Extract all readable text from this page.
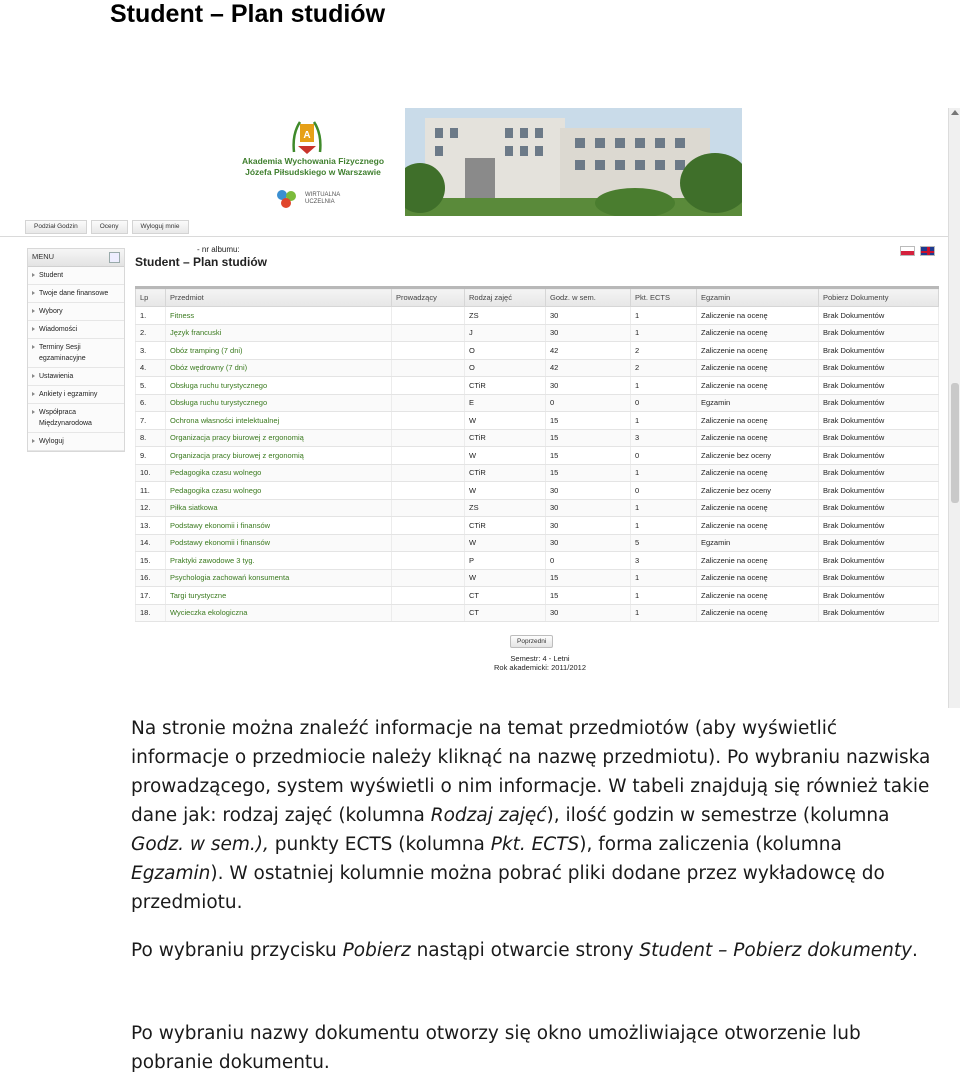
Student – Plan studiów
A
Akademia Wychowania Fizycznego
Józefa Piłsudskiego w Warszawie
WIRTUALNA
UCZELNIA
Podział Godzin	Oceny	Wyloguj mnie
MENU
Student
Twoje dane finansowe
Wybory
Wiadomości
Terminy Sesji egzaminacyjne
Ustawienia
Ankiety i egzaminy
Współpraca Międzynarodowa
Wyloguj
- nr albumu:
Student – Plan studiów
Lp	Przedmiot	Prowadzący	Rodzaj zajęć	Godz. w sem.	Pkt. ECTS	Egzamin	Pobierz Dokumenty
1.	Fitness		ZS	30	1	Zaliczenie na ocenę	Brak Dokumentów
2.	Język francuski		J	30	1	Zaliczenie na ocenę	Brak Dokumentów
3.	Obóz tramping (7 dni)		O	42	2	Zaliczenie na ocenę	Brak Dokumentów
4.	Obóz wędrowny (7 dni)		O	42	2	Zaliczenie na ocenę	Brak Dokumentów
5.	Obsługa ruchu turystycznego		CTiR	30	1	Zaliczenie na ocenę	Brak Dokumentów
6.	Obsługa ruchu turystycznego		E	0	0	Egzamin	Brak Dokumentów
7.	Ochrona własności intelektualnej		W	15	1	Zaliczenie na ocenę	Brak Dokumentów
8.	Organizacja pracy biurowej z ergonomią		CTiR	15	3	Zaliczenie na ocenę	Brak Dokumentów
9.	Organizacja pracy biurowej z ergonomią		W	15	0	Zaliczenie bez oceny	Brak Dokumentów
10.	Pedagogika czasu wolnego		CTiR	15	1	Zaliczenie na ocenę	Brak Dokumentów
11.	Pedagogika czasu wolnego		W	30	0	Zaliczenie bez oceny	Brak Dokumentów
12.	Piłka siatkowa		ZS	30	1	Zaliczenie na ocenę	Brak Dokumentów
13.	Podstawy ekonomii i finansów		CTiR	30	1	Zaliczenie na ocenę	Brak Dokumentów
14.	Podstawy ekonomii i finansów		W	30	5	Egzamin	Brak Dokumentów
15.	Praktyki zawodowe 3 tyg.		P	0	3	Zaliczenie na ocenę	Brak Dokumentów
16.	Psychologia zachowań konsumenta		W	15	1	Zaliczenie na ocenę	Brak Dokumentów
17.	Targi turystyczne		CT	15	1	Zaliczenie na ocenę	Brak Dokumentów
18.	Wycieczka ekologiczna		CT	30	1	Zaliczenie na ocenę	Brak Dokumentów
Poprzedni
Semestr: 4 - Letni
Rok akademicki: 2011/2012
Na stronie można znaleźć informacje na temat przedmiotów (aby wyświetlić informacje o przedmiocie należy kliknąć na nazwę przedmiotu). Po wybraniu nazwiska prowadzącego, system wyświetli o nim informacje. W tabeli znajdują się również takie dane jak: rodzaj zajęć (kolumna Rodzaj zajęć), ilość godzin w semestrze (kolumna Godz. w sem.), punkty ECTS (kolumna Pkt. ECTS), forma zaliczenia (kolumna Egzamin). W ostatniej kolumnie można pobrać pliki dodane przez wykładowcę do przedmiotu.
Po wybraniu przycisku Pobierz nastąpi otwarcie strony Student – Pobierz dokumenty.
Po wybraniu nazwy dokumentu otworzy się okno umożliwiające otworzenie lub pobranie dokumentu.
